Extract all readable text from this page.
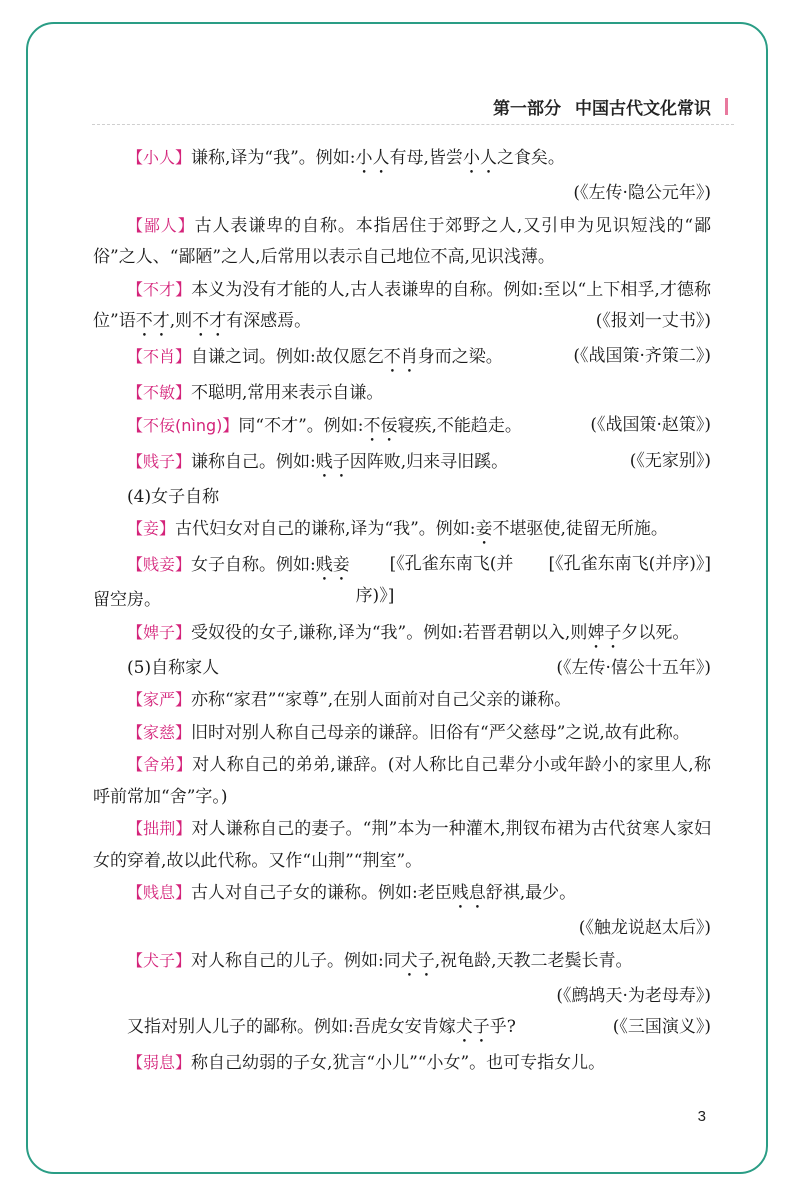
第一部分 中国古代文化常识

【小人】谦称,译为“我”。例如:小人有母,皆尝小人之食矣。

(《左传·隐公元年》)

【鄙人】古人表谦卑的自称。本指居住于郊野之人,又引申为见识短浅的“鄙俗”之人、“鄙陋”之人,后常用以表示自己地位不高,见识浅薄。

【不才】本义为没有才能的人,古人表谦卑的自称。例如:至以“上下相孚,才德称位”语不才,则不才有深感焉。	(《报刘一丈书》)

【不肖】自谦之词。例如:故仅愿乞不肖身而之梁。	(《战国策·齐策二》)

【不敏】不聪明,常用来表示自谦。

【不佞(nìng)】同“不才”。例如:不佞寝疾,不能趋走。	(《战国策·赵策》)

【贱子】谦称自己。例如:贱子因阵败,归来寻旧蹊。	(《无家别》)

(4)女子自称

【妾】古代妇女对自己的谦称,译为“我”。例如:妾不堪驱使,徒留无所施。
[《孔雀东南飞(并序)》]

【贱妾】女子自称。例如:贱妾留空房。
[《孔雀东南飞(并序)》]

【婢子】受奴役的女子,谦称,译为“我”。例如:若晋君朝以入,则婢子夕以死。
(《左传·僖公十五年》)

(5)自称家人

【家严】亦称“家君”“家尊”,在别人面前对自己父亲的谦称。

【家慈】旧时对别人称自己母亲的谦辞。旧俗有“严父慈母”之说,故有此称。

【舍弟】对人称自己的弟弟,谦辞。(对人称比自己辈分小或年龄小的家里人,称呼前常加“舍”字。)

【拙荆】对人谦称自己的妻子。“荆”本为一种灌木,荆钗布裙为古代贫寒人家妇女的穿着,故以此代称。又作“山荆”“荆室”。

【贱息】古人对自己子女的谦称。例如:老臣贱息舒祺,最少。

(《触龙说赵太后》)

【犬子】对人称自己的儿子。例如:同犬子,祝龟龄,天教二老鬓长青。

(《鹧鸪天·为老母寿》)

又指对别人儿子的鄙称。例如:吾虎女安肯嫁犬子乎?	(《三国演义》)

【弱息】称自己幼弱的子女,犹言“小儿”“小女”。也可专指女儿。

3
